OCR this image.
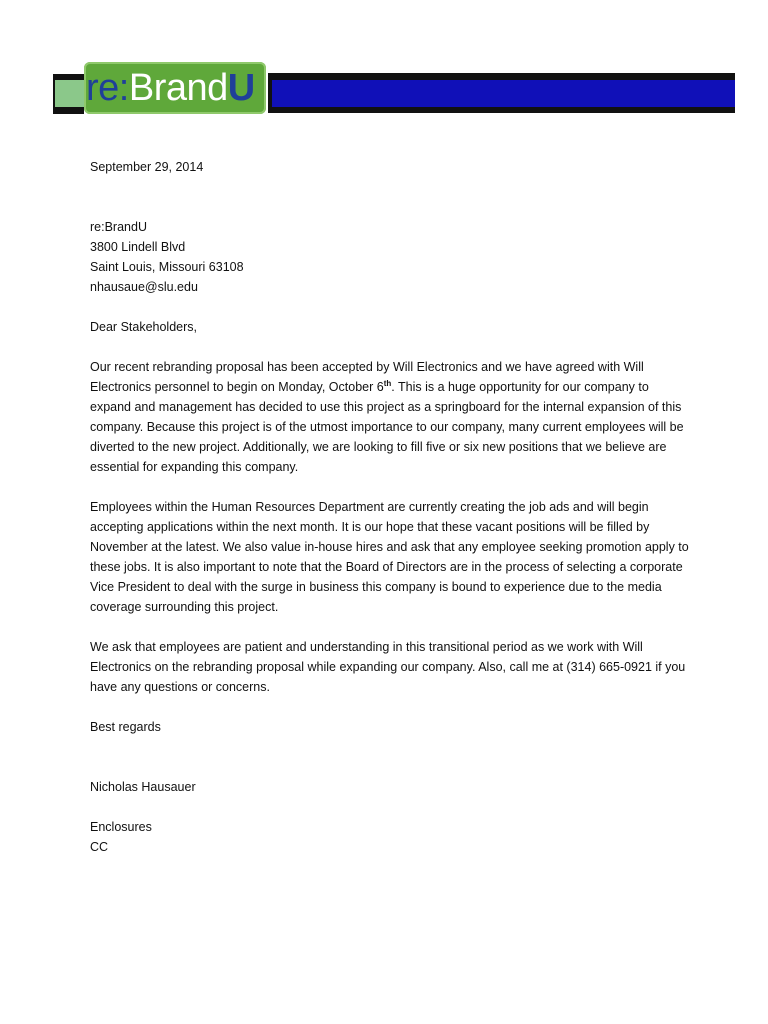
re:BrandU

September 29, 2014

re:BrandU

3800 Lindell Blvd

Saint Louis, Missouri 63108

nhausaue@slu.edu

Dear Stakeholders,

Our recent rebranding proposal has been accepted by Will Electronics and we have agreed with Will Electronics personnel to begin on Monday, October 6th. This is a huge opportunity for our company to expand and management has decided to use this project as a springboard for the internal expansion of this company. Because this project is of the utmost importance to our company, many current employees will be diverted to the new project. Additionally, we are looking to fill five or six new positions that we believe are essential for expanding this company.

Employees within the Human Resources Department are currently creating the job ads and will begin accepting applications within the next month. It is our hope that these vacant positions will be filled by November at the latest. We also value in-house hires and ask that any employee seeking promotion apply to these jobs. It is also important to note that the Board of Directors are in the process of selecting a corporate Vice President to deal with the surge in business this company is bound to experience due to the media coverage surrounding this project.

We ask that employees are patient and understanding in this transitional period as we work with Will Electronics on the rebranding proposal while expanding our company. Also, call me at (314) 665-0921 if you have any questions or concerns.

Best regards

Nicholas Hausauer

Enclosures

CC
